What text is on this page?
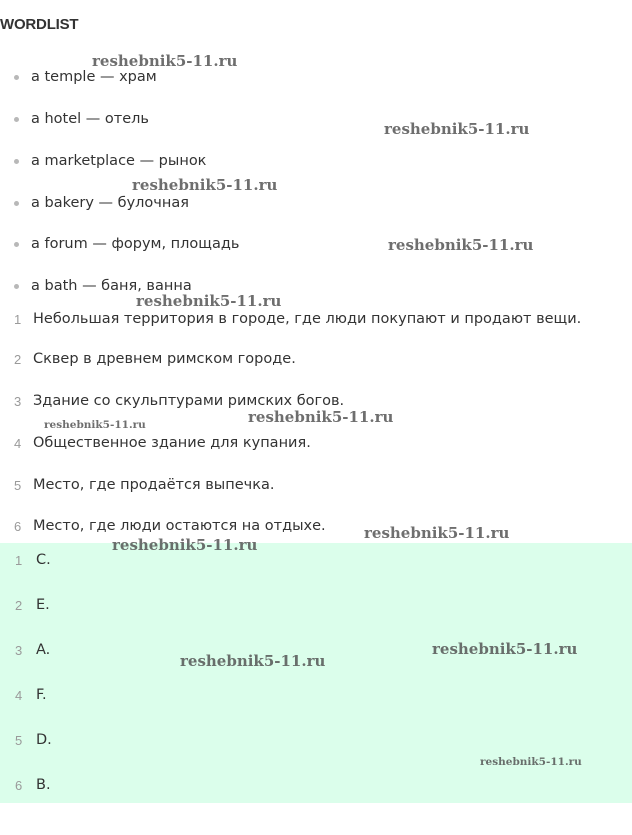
WORDLIST
a temple — храм
a hotel — отель
a marketplace — рынок
a bakery — булочная
a forum — форум, площадь
a bath — баня, ванна
1 Небольшая территория в городе, где люди покупают и продают вещи.
2 Сквер в древнем римском городе.
3 Здание со скульптурами римских богов.
4 Общественное здание для купания.
5 Место, где продаётся выпечка.
6 Место, где люди остаются на отдыхе.
1 C.
2 E.
3 A.
4 F.
5 D.
6 B.
reshebnik5-11.ru
reshebnik5-11.ru
reshebnik5-11.ru
reshebnik5-11.ru
reshebnik5-11.ru
reshebnik5-11.ru
reshebnik5-11.ru
reshebnik5-11.ru
reshebnik5-11.ru
reshebnik5-11.ru
reshebnik5-11.ru
reshebnik5-11.ru
